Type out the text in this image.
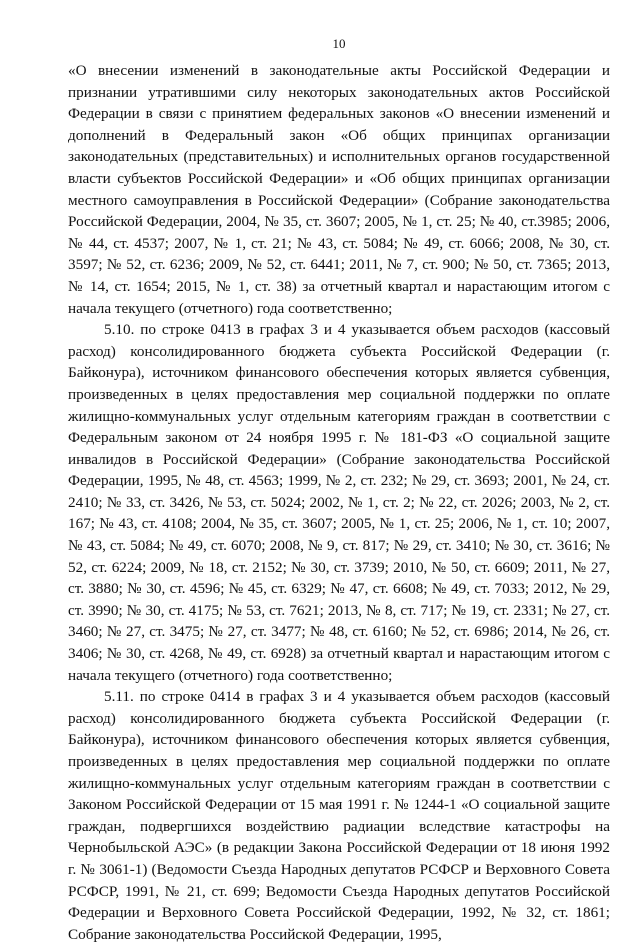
10

«О внесении изменений в законодательные акты Российской Федерации и признании утратившими силу некоторых законодательных актов Российской Федерации в связи с принятием федеральных законов «О внесении изменений и дополнений в Федеральный закон «Об общих принципах организации законодательных (представительных) и исполнительных органов государственной власти субъектов Российской Федерации» и «Об общих принципах организации местного самоуправления в Российской Федерации» (Собрание законодательства Российской Федерации, 2004, № 35, ст. 3607; 2005, № 1, ст. 25; № 40, ст.3985; 2006, № 44, ст. 4537; 2007, № 1, ст. 21; № 43, ст. 5084; № 49, ст. 6066; 2008, № 30, ст. 3597; № 52, ст. 6236; 2009, № 52, ст. 6441; 2011, № 7, ст. 900; № 50, ст. 7365; 2013, № 14, ст. 1654; 2015, № 1, ст. 38) за отчетный квартал и нарастающим итогом с начала текущего (отчетного) года соответственно;

5.10. по строке 0413 в графах 3 и 4 указывается объем расходов (кассовый расход) консолидированного бюджета субъекта Российской Федерации (г. Байконура), источником финансового обеспечения которых является субвенция, произведенных в целях предоставления мер социальной поддержки по оплате жилищно-коммунальных услуг отдельным категориям граждан в соответствии с Федеральным законом от 24 ноября 1995 г. № 181-ФЗ «О социальной защите инвалидов в Российской Федерации» (Собрание законодательства Российской Федерации, 1995, № 48, ст. 4563; 1999, № 2, ст. 232; № 29, ст. 3693; 2001, № 24, ст. 2410; № 33, ст. 3426, № 53, ст. 5024; 2002, № 1, ст. 2; № 22, ст. 2026; 2003, № 2, ст. 167; № 43, ст. 4108; 2004, № 35, ст. 3607; 2005, № 1, ст. 25; 2006, № 1, ст. 10; 2007, № 43, ст. 5084; № 49, ст. 6070; 2008, № 9, ст. 817; № 29, ст. 3410; № 30, ст. 3616; № 52, ст. 6224; 2009, № 18, ст. 2152; № 30, ст. 3739; 2010, № 50, ст. 6609; 2011, № 27, ст. 3880; № 30, ст. 4596; № 45, ст. 6329; № 47, ст. 6608; № 49, ст. 7033; 2012, № 29, ст. 3990; № 30, ст. 4175; № 53, ст. 7621; 2013, № 8, ст. 717; № 19, ст. 2331; № 27, ст. 3460; № 27, ст. 3475; № 27, ст. 3477; № 48, ст. 6160; № 52, ст. 6986; 2014, № 26, ст. 3406; № 30, ст. 4268, № 49, ст. 6928) за отчетный квартал и нарастающим итогом с начала текущего (отчетного) года соответственно;

5.11. по строке 0414 в графах 3 и 4 указывается объем расходов (кассовый расход) консолидированного бюджета субъекта Российской Федерации (г. Байконура), источником финансового обеспечения которых является субвенция, произведенных в целях предоставления мер социальной поддержки по оплате жилищно-коммунальных услуг отдельным категориям граждан в соответствии с Законом Российской Федерации от 15 мая 1991 г. № 1244-1 «О социальной защите граждан, подвергшихся воздействию радиации вследствие катастрофы на Чернобыльской АЭС» (в редакции Закона Российской Федерации от 18 июня 1992 г. № 3061-1) (Ведомости Съезда Народных депутатов РСФСР и Верховного Совета РСФСР, 1991, № 21, ст. 699; Ведомости Съезда Народных депутатов Российской Федерации и Верховного Совета Российской Федерации, 1992, № 32, ст. 1861; Собрание законодательства Российской Федерации, 1995,
